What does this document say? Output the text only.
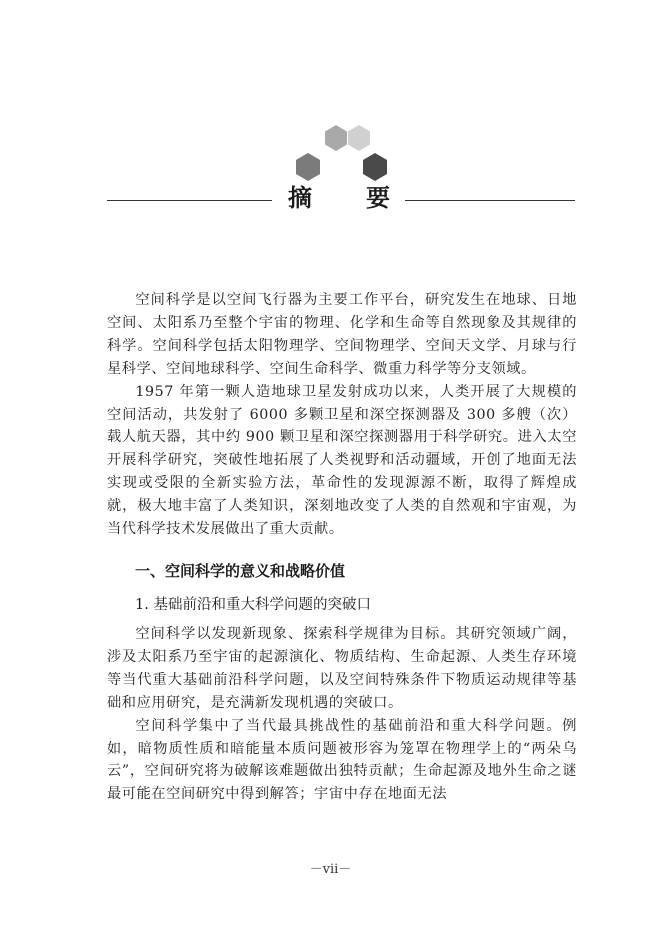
摘 要

空间科学是以空间飞行器为主要工作平台，研究发生在地球、日地空间、太阳系乃至整个宇宙的物理、化学和生命等自然现象及其规律的科学。空间科学包括太阳物理学、空间物理学、空间天文学、月球与行星科学、空间地球科学、空间生命科学、微重力科学等分支领域。

1957 年第一颗人造地球卫星发射成功以来，人类开展了大规模的空间活动，共发射了 6000 多颗卫星和深空探测器及 300 多艘（次）载人航天器，其中约 900 颗卫星和深空探测器用于科学研究。进入太空开展科学研究，突破性地拓展了人类视野和活动疆域，开创了地面无法实现或受限的全新实验方法，革命性的发现源源不断，取得了辉煌成就，极大地丰富了人类知识，深刻地改变了人类的自然观和宇宙观，为当代科学技术发展做出了重大贡献。

一、空间科学的意义和战略价值
1. 基础前沿和重大科学问题的突破口

空间科学以发现新现象、探索科学规律为目标。其研究领域广阔，涉及太阳系乃至宇宙的起源演化、物质结构、生命起源、人类生存环境等当代重大基础前沿科学问题，以及空间特殊条件下物质运动规律等基础和应用研究，是充满新发现机遇的突破口。

空间科学集中了当代最具挑战性的基础前沿和重大科学问题。例如，暗物质性质和暗能量本质问题被形容为笼罩在物理学上的“两朵乌云”，空间研究将为破解该难题做出独特贡献；生命起源及地外生命之谜最可能在空间研究中得到解答；宇宙中存在地面无法

－vii－
